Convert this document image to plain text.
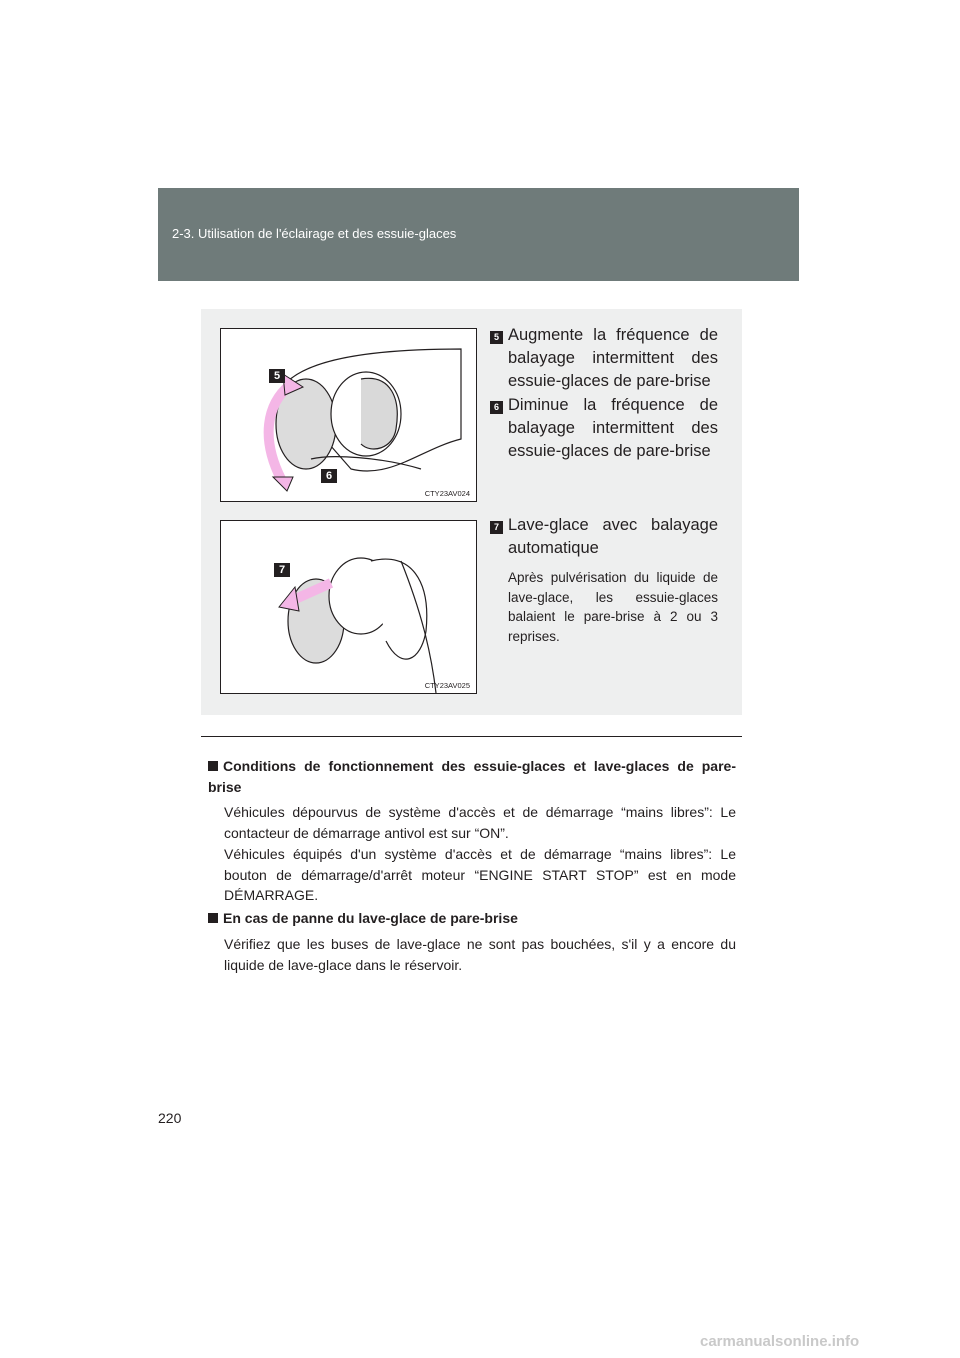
2-3. Utilisation de l'éclairage et des essuie-glaces
5
6
CTY23AV024
7
CTY23AV025
5 Augmente la fréquence de balayage intermittent des essuie-glaces de pare-brise
6 Diminue la fréquence de balayage intermittent des essuie-glaces de pare-brise
7 Lave-glace avec balayage automatique
Après pulvérisation du liquide de lave-glace, les essuie-glaces balaient le pare-brise à 2 ou 3 reprises.
Conditions de fonctionnement des essuie-glaces et lave-glaces de pare-brise
Véhicules dépourvus de système d'accès et de démarrage “mains libres”: Le contacteur de démarrage antivol est sur “ON”.
Véhicules équipés d'un système d'accès et de démarrage “mains libres”: Le bouton de démarrage/d'arrêt moteur “ENGINE START STOP” est en mode DÉMARRAGE.
En cas de panne du lave-glace de pare-brise
Vérifiez que les buses de lave-glace ne sont pas bouchées, s'il y a encore du liquide de lave-glace dans le réservoir.
220
carmanualsonline.info
